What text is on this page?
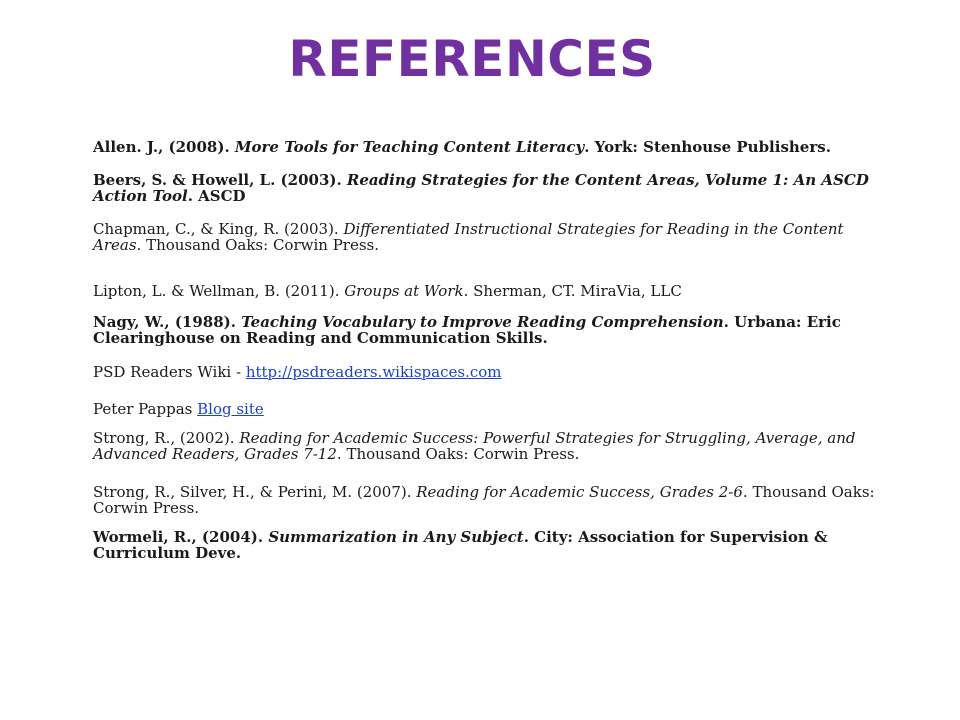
REFERENCES
Allen. J., (2008). More Tools for Teaching Content Literacy. York: Stenhouse Publishers.
Beers, S. & Howell, L. (2003). Reading Strategies for the Content Areas, Volume 1: An ASCD Action Tool. ASCD
Chapman, C., & King, R. (2003). Differentiated Instructional Strategies for Reading in the Content Areas. Thousand Oaks: Corwin Press.
Lipton, L. & Wellman, B. (2011). Groups at Work. Sherman, CT. MiraVia, LLC
Nagy, W., (1988). Teaching Vocabulary to Improve Reading Comprehension. Urbana: Eric Clearinghouse on Reading and Communication Skills.
PSD Readers Wiki - http://psdreaders.wikispaces.com
Peter Pappas Blog site
Strong, R., (2002). Reading for Academic Success: Powerful Strategies for Struggling, Average, and Advanced Readers, Grades 7-12. Thousand Oaks: Corwin Press.
Strong, R., Silver, H., & Perini, M. (2007). Reading for Academic Success, Grades 2-6. Thousand Oaks: Corwin Press.
Wormeli, R., (2004). Summarization in Any Subject. City: Association for Supervision & Curriculum Deve.
